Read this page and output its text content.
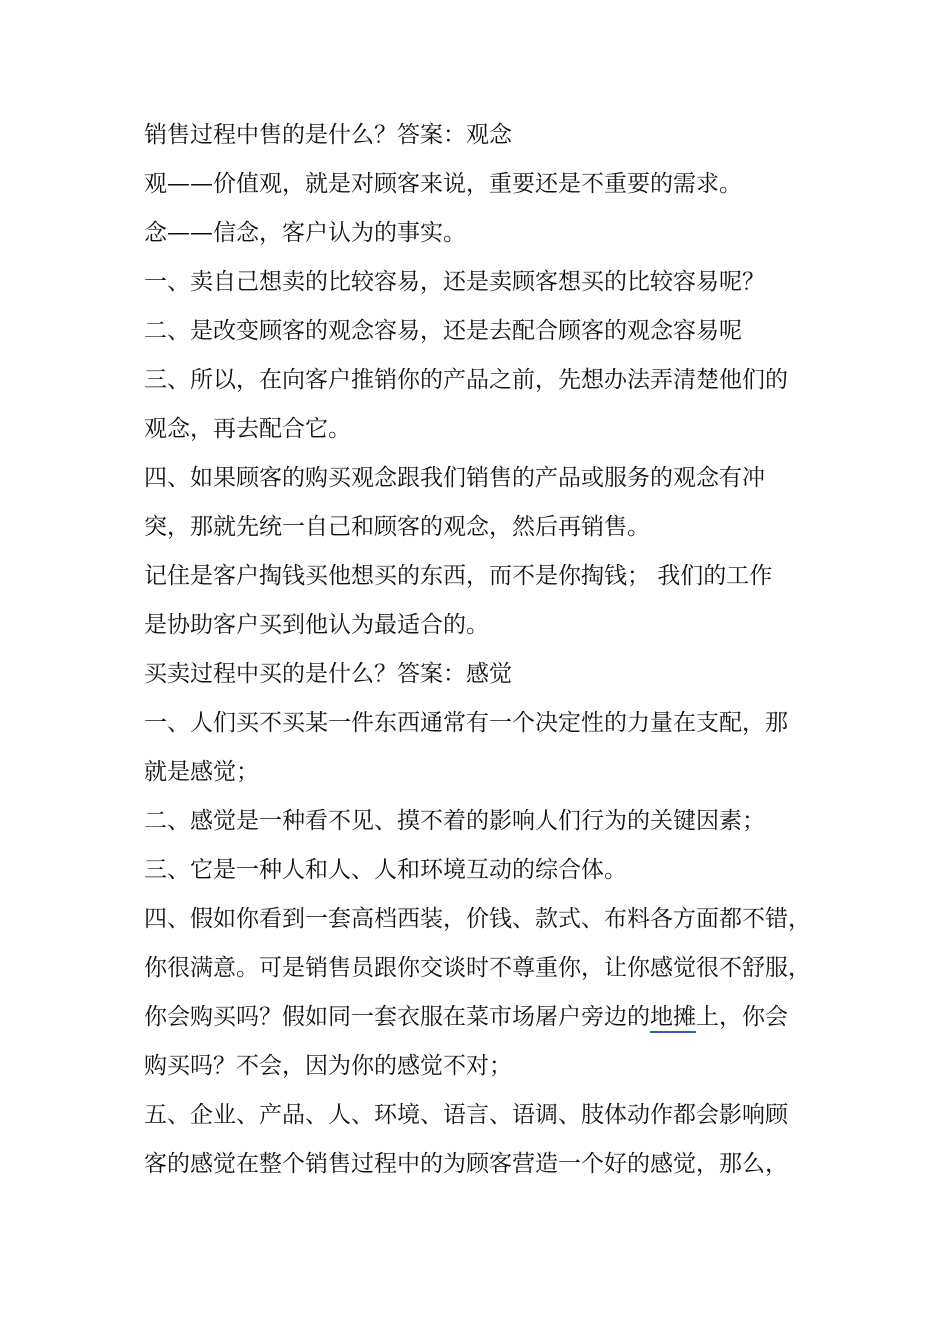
销售过程中售的是什么？答案：观念
观——价值观，就是对顾客来说，重要还是不重要的需求。
念——信念，客户认为的事实。
一、卖自己想卖的比较容易，还是卖顾客想买的比较容易呢？
二、是改变顾客的观念容易，还是去配合顾客的观念容易呢
三、所以，在向客户推销你的产品之前，先想办法弄清楚他们的
观念，再去配合它。
四、如果顾客的购买观念跟我们销售的产品或服务的观念有冲
突，那就先统一自己和顾客的观念，然后再销售。
记住是客户掏钱买他想买的东西，而不是你掏钱； 我们的工作
是协助客户买到他认为最适合的。
买卖过程中买的是什么？答案：感觉
一、人们买不买某一件东西通常有一个决定性的力量在支配，那
就是感觉；
二、感觉是一种看不见、摸不着的影响人们行为的关键因素；
三、它是一种人和人、人和环境互动的综合体。
四、假如你看到一套高档西装，价钱、款式、布料各方面都不错，
你很满意。可是销售员跟你交谈时不尊重你，让你感觉很不舒服，
你会购买吗？假如同一套衣服在菜市场屠户旁边的地摊上，你会
购买吗？不会，因为你的感觉不对；
五、企业、产品、人、环境、语言、语调、肢体动作都会影响顾
客的感觉在整个销售过程中的为顾客营造一个好的感觉，那么，
